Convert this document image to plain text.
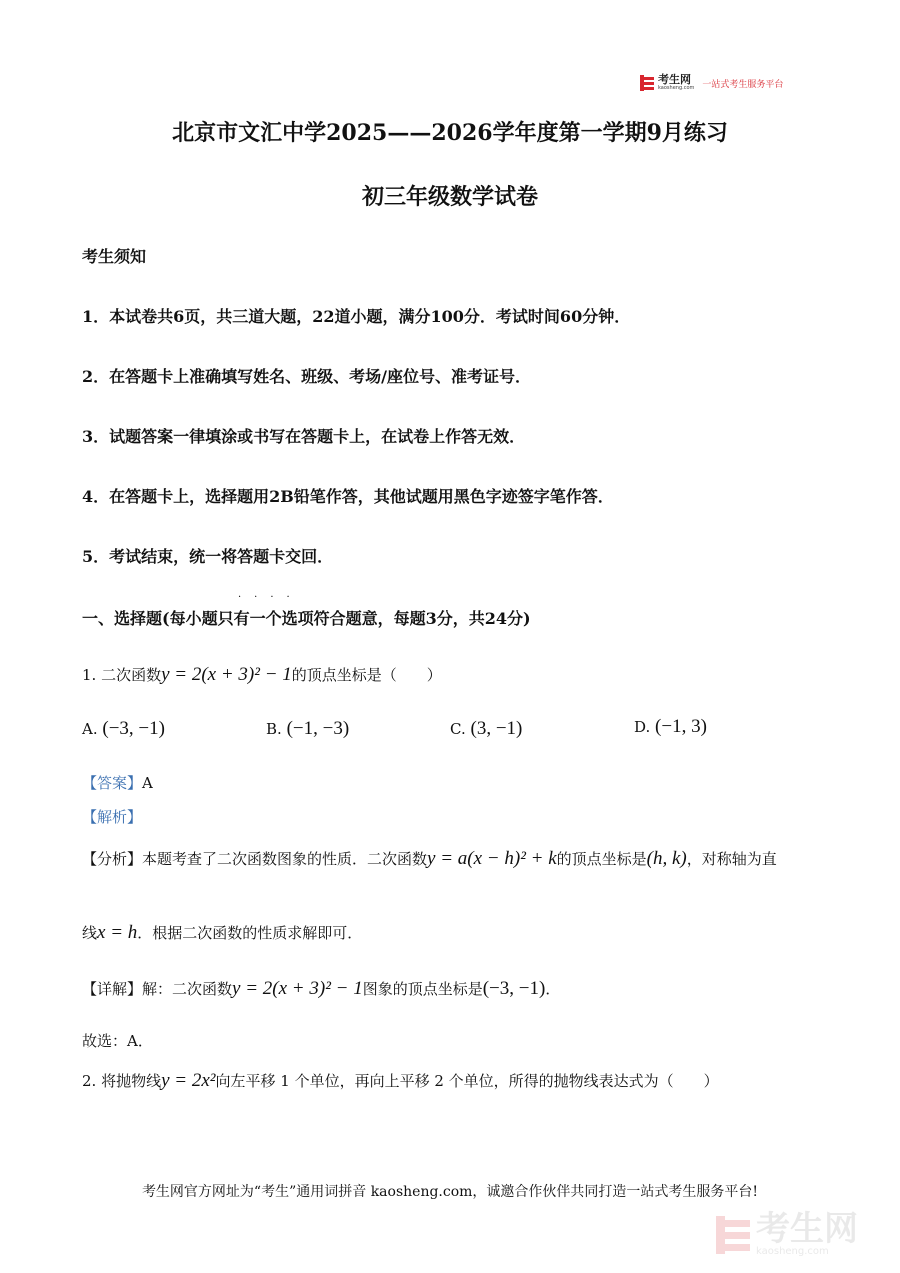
考生网
kaosheng.com 一站式考生服务平台
北京市文汇中学2025——2026学年度第一学期9月练习
初三年级数学试卷
考生须知
1．本试卷共6页，共三道大题，22道小题，满分100分．考试时间60分钟．
2．在答题卡上准确填写姓名、班级、考场/座位号、准考证号．
3．试题答案一律填涂或书写在答题卡上，在试卷上作答无效．
4．在答题卡上，选择题用2B铅笔作答，其他试题用黑色字迹签字笔作答．
5．考试结束，统一将答题卡交回．
····
一、选择题(每小题只有一个选项符合题意，每题3分，共24分)
1. 二次函数y = 2(x + 3)² − 1的顶点坐标是（　　）
A. (−3, −1)	B. (−1, −3)	C. (3, −1)	D. (−1, 3)
【答案】A
【解析】
【分析】本题考查了二次函数图象的性质．二次函数y = a(x − h)² + k的顶点坐标是(h, k)，对称轴为直
线x = h．根据二次函数的性质求解即可．
【详解】解：二次函数y = 2(x + 3)² − 1图象的顶点坐标是(−3, −1)．
故选：A．
2. 将抛物线y = 2x²向左平移 1 个单位，再向上平移 2 个单位，所得的抛物线表达式为（　　）
考生网官方网址为“考生”通用词拼音 kaosheng.com，诚邀合作伙伴共同打造一站式考生服务平台!
考生网
kaosheng.com
